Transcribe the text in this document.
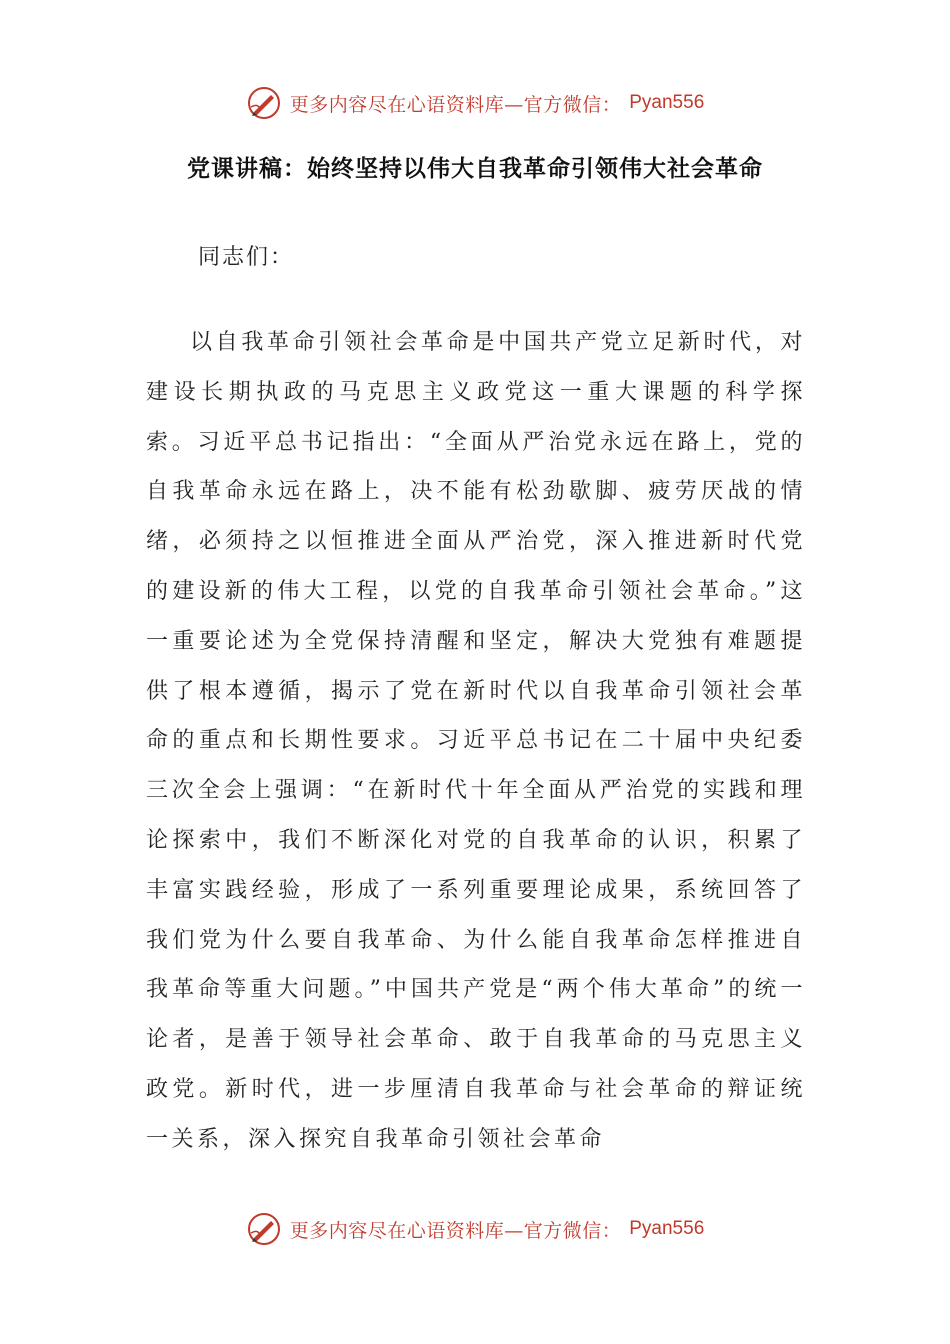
更多内容尽在心语资料库—官方微信： Pyan556
党课讲稿：始终坚持以伟大自我革命引领伟大社会革命
同志们：

以自我革命引领社会革命是中国共产党立足新时代，对建设长期执政的马克思主义政党这一重大课题的科学探索。习近平总书记指出：“全面从严治党永远在路上，党的自我革命永远在路上，决不能有松劲歇脚、疲劳厌战的情绪，必须持之以恒推进全面从严治党，深入推进新时代党的建设新的伟大工程，以党的自我革命引领社会革命。”这一重要论述为全党保持清醒和坚定，解决大党独有难题提供了根本遵循，揭示了党在新时代以自我革命引领社会革命的重点和长期性要求。习近平总书记在二十届中央纪委三次全会上强调：“在新时代十年全面从严治党的实践和理论探索中，我们不断深化对党的自我革命的认识，积累了丰富实践经验，形成了一系列重要理论成果，系统回答了我们党为什么要自我革命、为什么能自我革命怎样推进自我革命等重大问题。”中国共产党是“两个伟大革命”的统一论者，是善于领导社会革命、敢于自我革命的马克思主义政党。新时代，进一步厘清自我革命与社会革命的辩证统一关系，深入探究自我革命引领社会革命

更多内容尽在心语资料库—官方微信： Pyan556
